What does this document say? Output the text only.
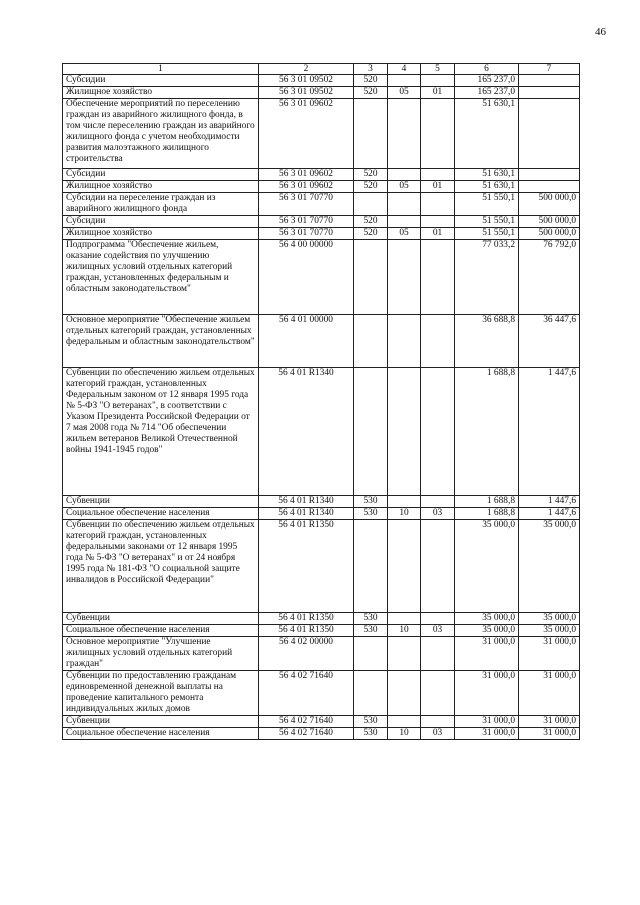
46
1	2	3	4	5	6	7
Субсидии	56 3 01 09502	520			165 237,0	
Жилищное хозяйство	56 3 01 09502	520	05	01	165 237,0	
Обеспечение мероприятий по переселению граждан из аварийного жилищного фонда, в том числе переселению граждан из аварийного жилищного фонда с учетом необходимости развития малоэтажного жилищного строительства	56 3 01 09602				51 630,1	
Субсидии	56 3 01 09602	520			51 630,1	
Жилищное хозяйство	56 3 01 09602	520	05	01	51 630,1	
Субсидии на переселение граждан из аварийного жилищного фонда	56 3 01 70770				51 550,1	500 000,0
Субсидии	56 3 01 70770	520			51 550,1	500 000,0
Жилищное хозяйство	56 3 01 70770	520	05	01	51 550,1	500 000,0
Подпрограмма "Обеспечение жильем, оказание содействия по улучшению жилищных условий отдельных категорий граждан, установленных федеральным и областным законодательством"	56 4 00 00000				77 033,2	76 792,0
Основное мероприятие "Обеспечение жильем отдельных категорий граждан, установленных федеральным и областным законодательством"	56 4 01 00000				36 688,8	36 447,6
Субвенции по обеспечению жильем отдельных категорий граждан, установленных Федеральным законом от 12 января 1995 года № 5-ФЗ "О ветеранах", в соответствии с Указом Президента Российской Федерации от 7 мая 2008 года № 714 "Об обеспечении жильем ветеранов Великой Отечественной войны 1941-1945 годов"	56 4 01 R1340				1 688,8	1 447,6
Субвенции	56 4 01 R1340	530			1 688,8	1 447,6
Социальное обеспечение населения	56 4 01 R1340	530	10	03	1 688,8	1 447,6
Субвенции по обеспечению жильем отдельных категорий граждан, установленных федеральными законами от 12 января 1995 года № 5-ФЗ "О ветеранах" и от 24 ноября 1995 года № 181-ФЗ "О социальной защите инвалидов в Российской Федерации"	56 4 01 R1350				35 000,0	35 000,0
Субвенции	56 4 01 R1350	530			35 000,0	35 000,0
Социальное обеспечение населения	56 4 01 R1350	530	10	03	35 000,0	35 000,0
Основное мероприятие "Улучшение жилищных условий отдельных категорий граждан"	56 4 02 00000				31 000,0	31 000,0
Субвенции по предоставлению гражданам единовременной денежной выплаты на проведение капитального ремонта индивидуальных жилых домов	56 4 02 71640				31 000,0	31 000,0
Субвенции	56 4 02 71640	530			31 000,0	31 000,0
Социальное обеспечение населения	56 4 02 71640	530	10	03	31 000,0	31 000,0
